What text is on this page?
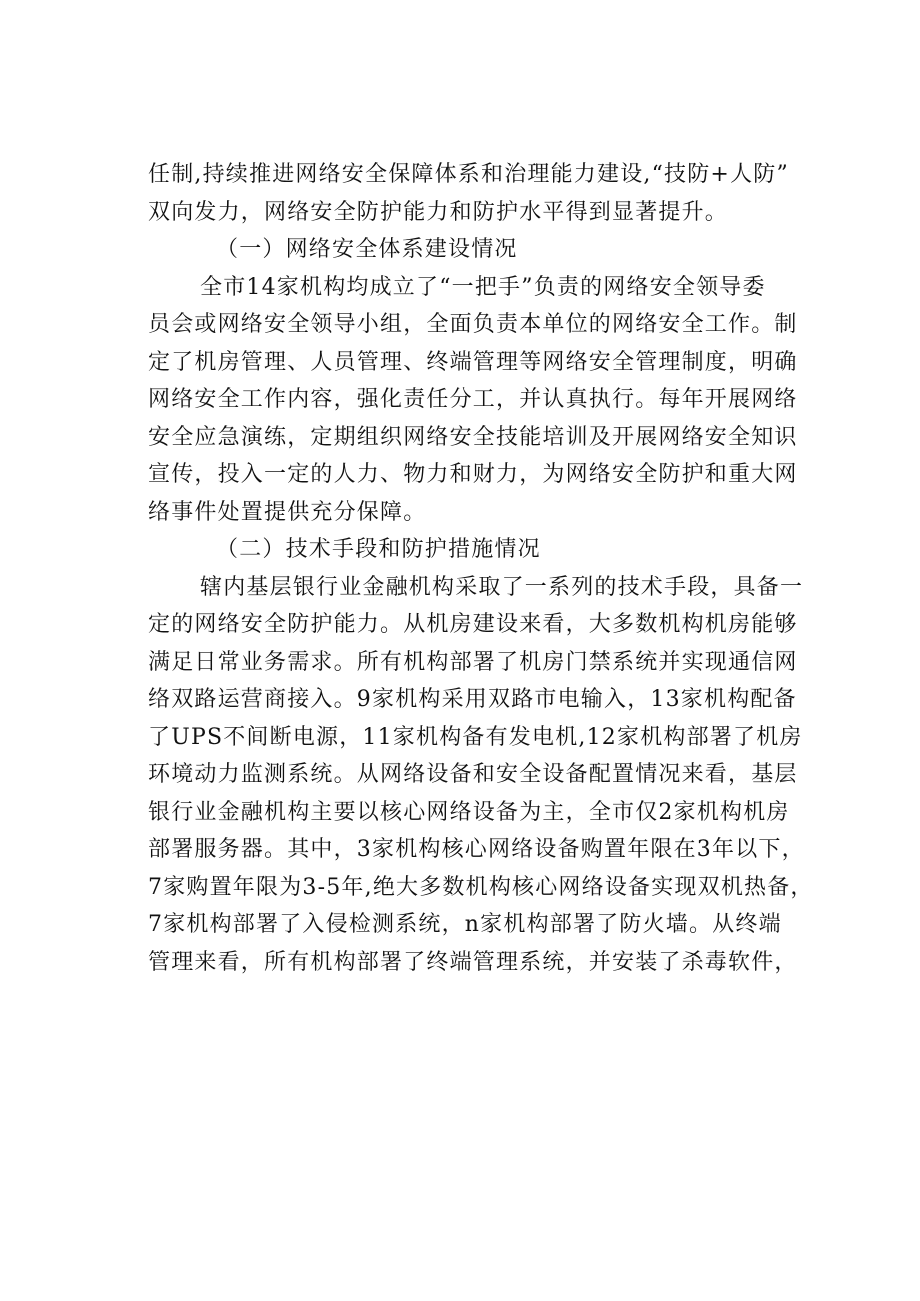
任制,持续推进网络安全保障体系和治理能力建设,“技防+人防”
双向发力，网络安全防护能力和防护水平得到显著提升。

（一）网络安全体系建设情况

全市14家机构均成立了“一把手”负责的网络安全领导委
员会或网络安全领导小组，全面负责本单位的网络安全工作。制
定了机房管理、人员管理、终端管理等网络安全管理制度，明确
网络安全工作内容，强化责任分工，并认真执行。每年开展网络
安全应急演练，定期组织网络安全技能培训及开展网络安全知识
宣传，投入一定的人力、物力和财力，为网络安全防护和重大网
络事件处置提供充分保障。

（二）技术手段和防护措施情况

辖内基层银行业金融机构采取了一系列的技术手段，具备一
定的网络安全防护能力。从机房建设来看，大多数机构机房能够
满足日常业务需求。所有机构部署了机房门禁系统并实现通信网
络双路运营商接入。9家机构采用双路市电输入，13家机构配备
了UPS不间断电源，11家机构备有发电机,12家机构部署了机房
环境动力监测系统。从网络设备和安全设备配置情况来看，基层
银行业金融机构主要以核心网络设备为主，全市仅2家机构机房
部署服务器。其中，3家机构核心网络设备购置年限在3年以下，
7家购置年限为3-5年,绝大多数机构核心网络设备实现双机热备，
7家机构部署了入侵检测系统，n家机构部署了防火墙。从终端
管理来看，所有机构部署了终端管理系统，并安装了杀毒软件，
